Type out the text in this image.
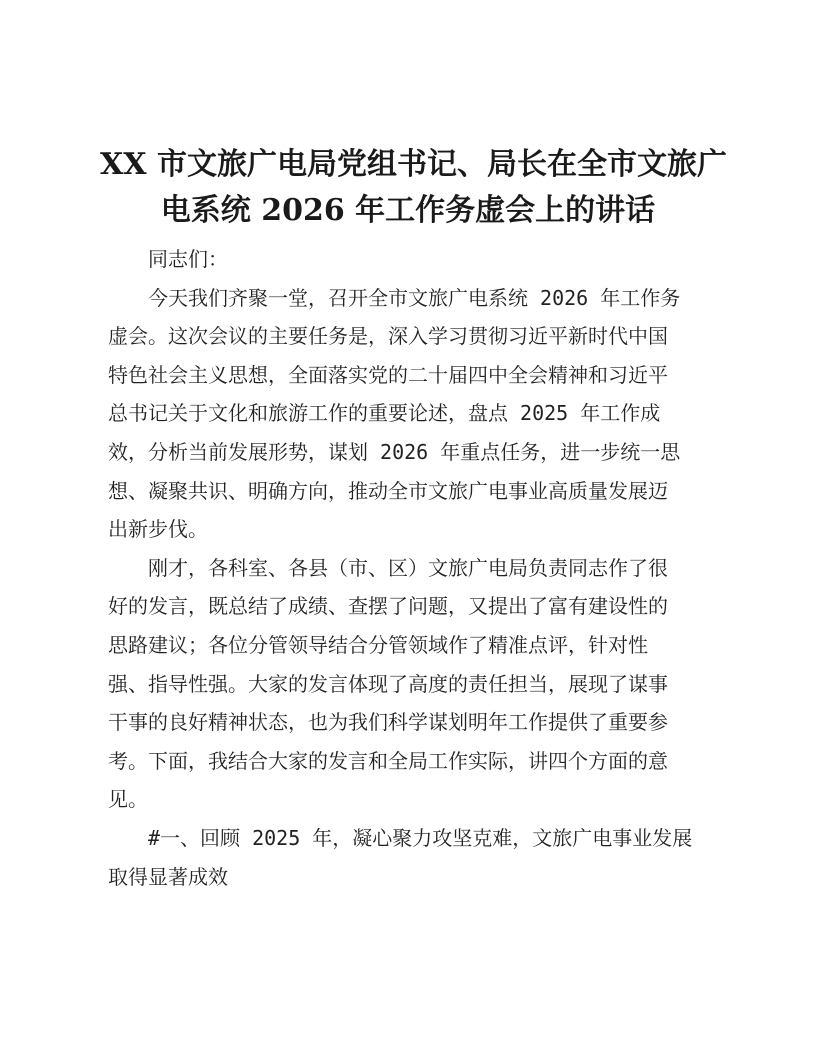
XX 市文旅广电局党组书记、局长在全市文旅广
电系统 2026 年工作务虚会上的讲话
同志们：
今天我们齐聚一堂，召开全市文旅广电系统 2026 年工作务
虚会。这次会议的主要任务是，深入学习贯彻习近平新时代中国
特色社会主义思想，全面落实党的二十届四中全会精神和习近平
总书记关于文化和旅游工作的重要论述，盘点 2025 年工作成
效，分析当前发展形势，谋划 2026 年重点任务，进一步统一思
想、凝聚共识、明确方向，推动全市文旅广电事业高质量发展迈
出新步伐。
刚才，各科室、各县（市、区）文旅广电局负责同志作了很
好的发言，既总结了成绩、查摆了问题，又提出了富有建设性的
思路建议；各位分管领导结合分管领域作了精准点评，针对性
强、指导性强。大家的发言体现了高度的责任担当，展现了谋事
干事的良好精神状态，也为我们科学谋划明年工作提供了重要参
考。下面，我结合大家的发言和全局工作实际，讲四个方面的意
见。
#一、回顾 2025 年，凝心聚力攻坚克难，文旅广电事业发展
取得显著成效
